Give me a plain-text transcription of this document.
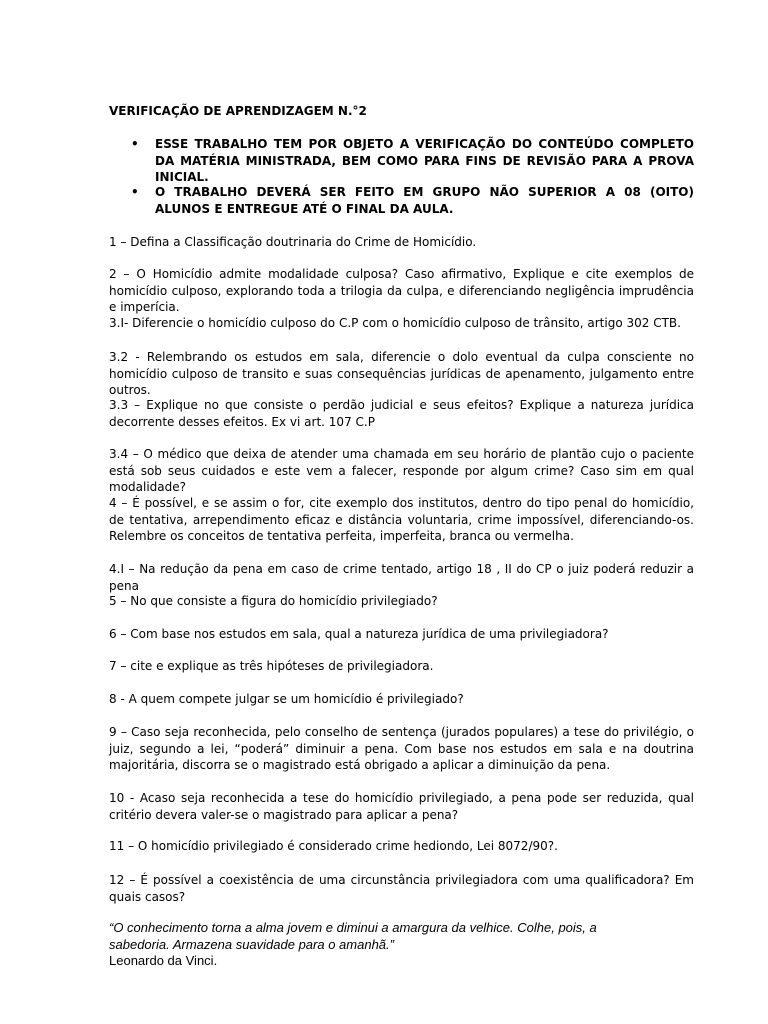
VERIFICAÇÃO DE APRENDIZAGEM N.°2
• ESSE TRABALHO TEM POR OBJETO A VERIFICAÇÃO DO CONTEÚDO COMPLETO DA MATÉRIA MINISTRADA, BEM COMO PARA FINS DE REVISÃO PARA A PROVA INICIAL.
• O TRABALHO DEVERÁ SER FEITO EM GRUPO NÃO SUPERIOR A 08 (OITO) ALUNOS E ENTREGUE ATÉ O FINAL DA AULA.
1 – Defina a Classificação doutrinaria do Crime de Homicídio.
2 – O Homicídio admite modalidade culposa? Caso afirmativo, Explique e cite exemplos de homicídio culposo, explorando toda a trilogia da culpa, e diferenciando negligência imprudência e imperícia.
3.I- Diferencie o homicídio culposo do C.P com o homicídio culposo de trânsito, artigo 302 CTB.
3.2 - Relembrando os estudos em sala, diferencie o dolo eventual da culpa consciente no homicídio culposo de transito e suas consequências jurídicas de apenamento, julgamento entre outros.
3.3 – Explique no que consiste o perdão judicial e seus efeitos? Explique a natureza jurídica decorrente desses efeitos. Ex vi art. 107 C.P
3.4 – O médico que deixa de atender uma chamada em seu horário de plantão cujo o paciente está sob seus cuidados e este vem a falecer, responde por algum crime? Caso sim em qual modalidade?
4 – É possível, e se assim o for, cite exemplo dos institutos, dentro do tipo penal do homicídio, de tentativa, arrependimento eficaz e distância voluntaria, crime impossível, diferenciando-os. Relembre os conceitos de tentativa perfeita, imperfeita, branca ou vermelha.
4.I – Na redução da pena em caso de crime tentado, artigo 18 , II do CP o juiz poderá reduzir a pena
5 – No que consiste a figura do homicídio privilegiado?
6 – Com base nos estudos em sala, qual a natureza jurídica de uma privilegiadora?
7 – cite e explique as três hipóteses de privilegiadora.
8 - A quem compete julgar se um homicídio é privilegiado?
9 – Caso seja reconhecida, pelo conselho de sentença (jurados populares) a tese do privilégio, o juiz, segundo a lei, “poderá” diminuir a pena. Com base nos estudos em sala e na doutrina majoritária, discorra se o magistrado está obrigado a aplicar a diminuição da pena.
10 - Acaso seja reconhecida a tese do homicídio privilegiado, a pena pode ser reduzida, qual critério devera valer-se o magistrado para aplicar a pena?
11 – O homicídio privilegiado é considerado crime hediondo, Lei 8072/90?.
12 – É possível a coexistência de uma circunstância privilegiadora com uma qualificadora? Em quais casos?
“O conhecimento torna a alma jovem e diminui a amargura da velhice. Colhe, pois, a
sabedoria. Armazena suavidade para o amanhã.”
Leonardo da Vinci.
